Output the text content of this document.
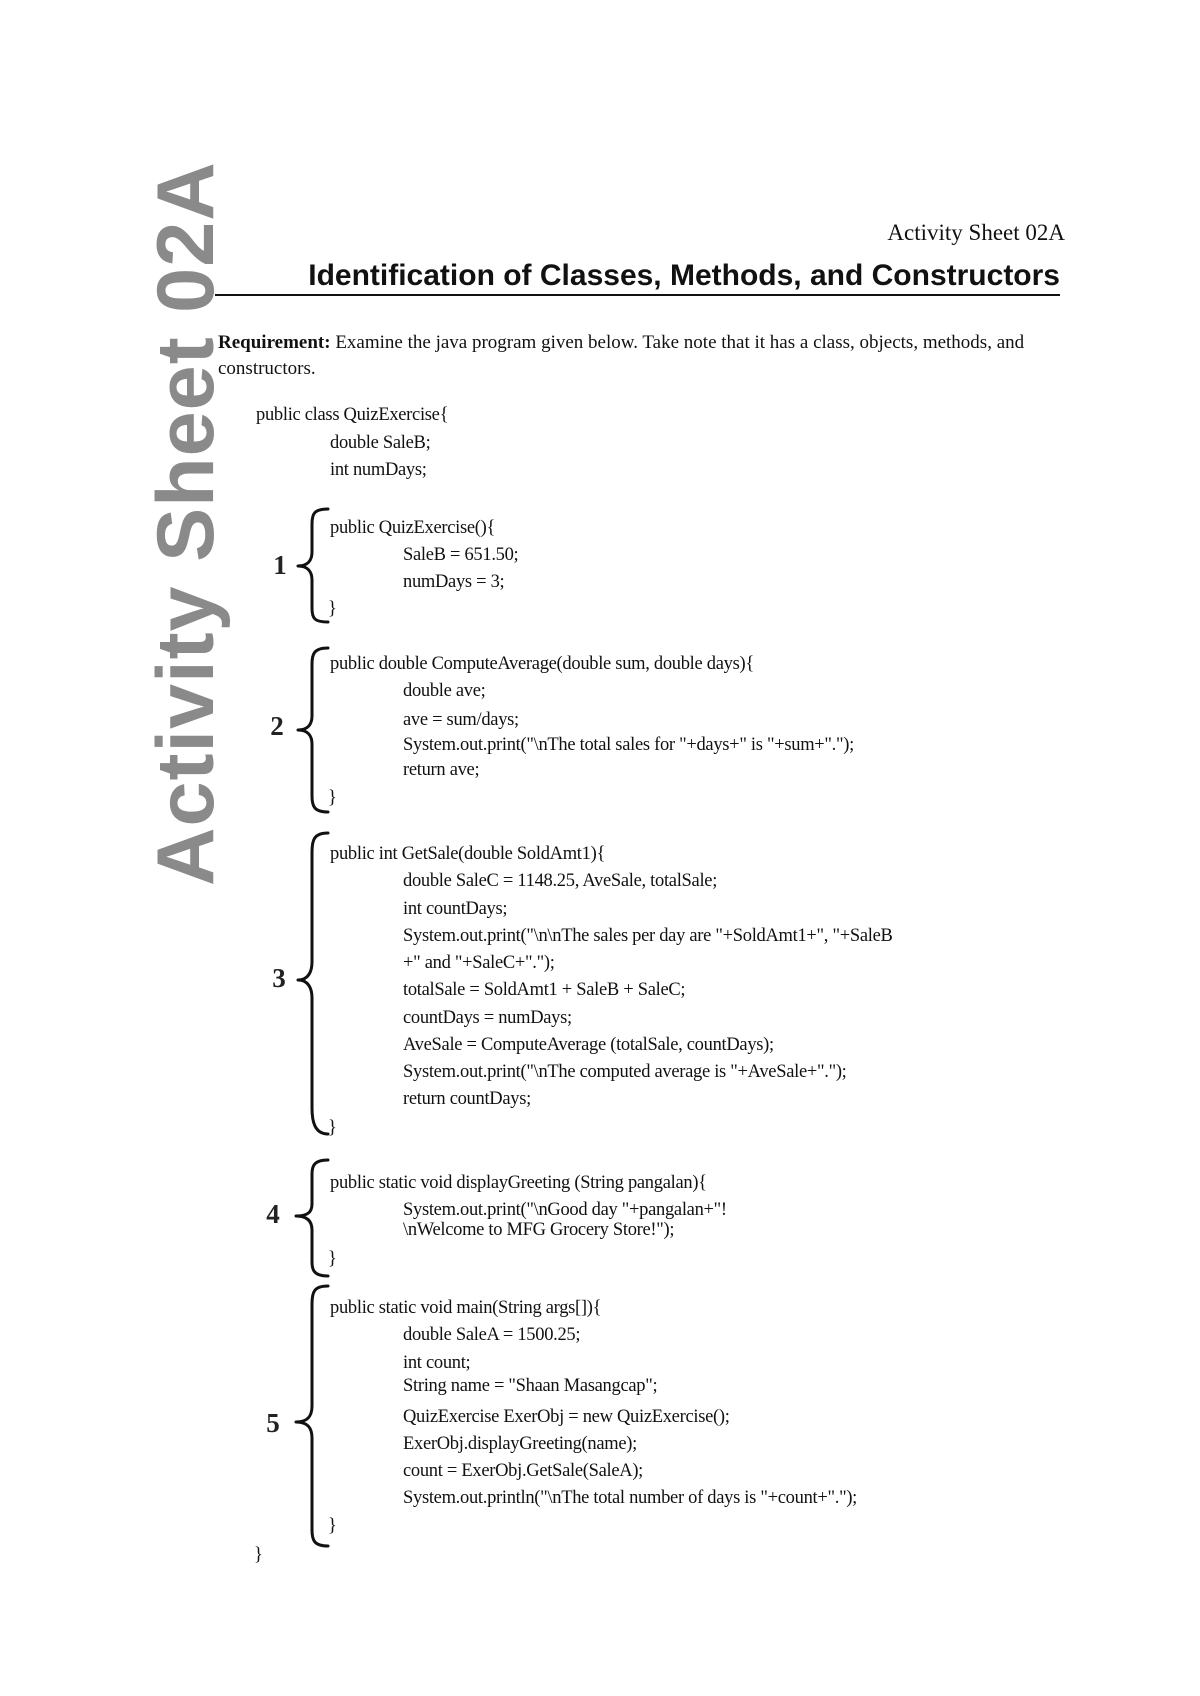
Activity Sheet 02A	Activity Sheet 02A
Identification of Classes, Methods, and Constructors
Requirement: Examine the java program given below. Take note that it has a class, objects, methods, and constructors.
public class QuizExercise{
double SaleB;
int numDays;
1
2
3
4
5
public QuizExercise(){
SaleB = 651.50;
numDays = 3;
}
public double ComputeAverage(double sum, double days){
double ave;
ave = sum/days;
System.out.print("\nThe total sales for "+days+" is "+sum+".");
return ave;
}
public int GetSale(double SoldAmt1){
double SaleC = 1148.25, AveSale, totalSale;
int countDays;
System.out.print("\n\nThe sales per day are "+SoldAmt1+", "+SaleB
+" and "+SaleC+".");
totalSale = SoldAmt1 + SaleB + SaleC;
countDays = numDays;
AveSale = ComputeAverage (totalSale, countDays);
System.out.print("\nThe computed average is "+AveSale+".");
return countDays;
}
public static void displayGreeting (String pangalan){
System.out.print("\nGood day "+pangalan+"!
\nWelcome to MFG Grocery Store!");
}
public static void main(String args[]){
double SaleA = 1500.25;
int count;
String name = "Shaan Masangcap";
QuizExercise ExerObj = new QuizExercise();
ExerObj.displayGreeting(name);
count = ExerObj.GetSale(SaleA);
System.out.println("\nThe total number of days is "+count+".");
}
}
